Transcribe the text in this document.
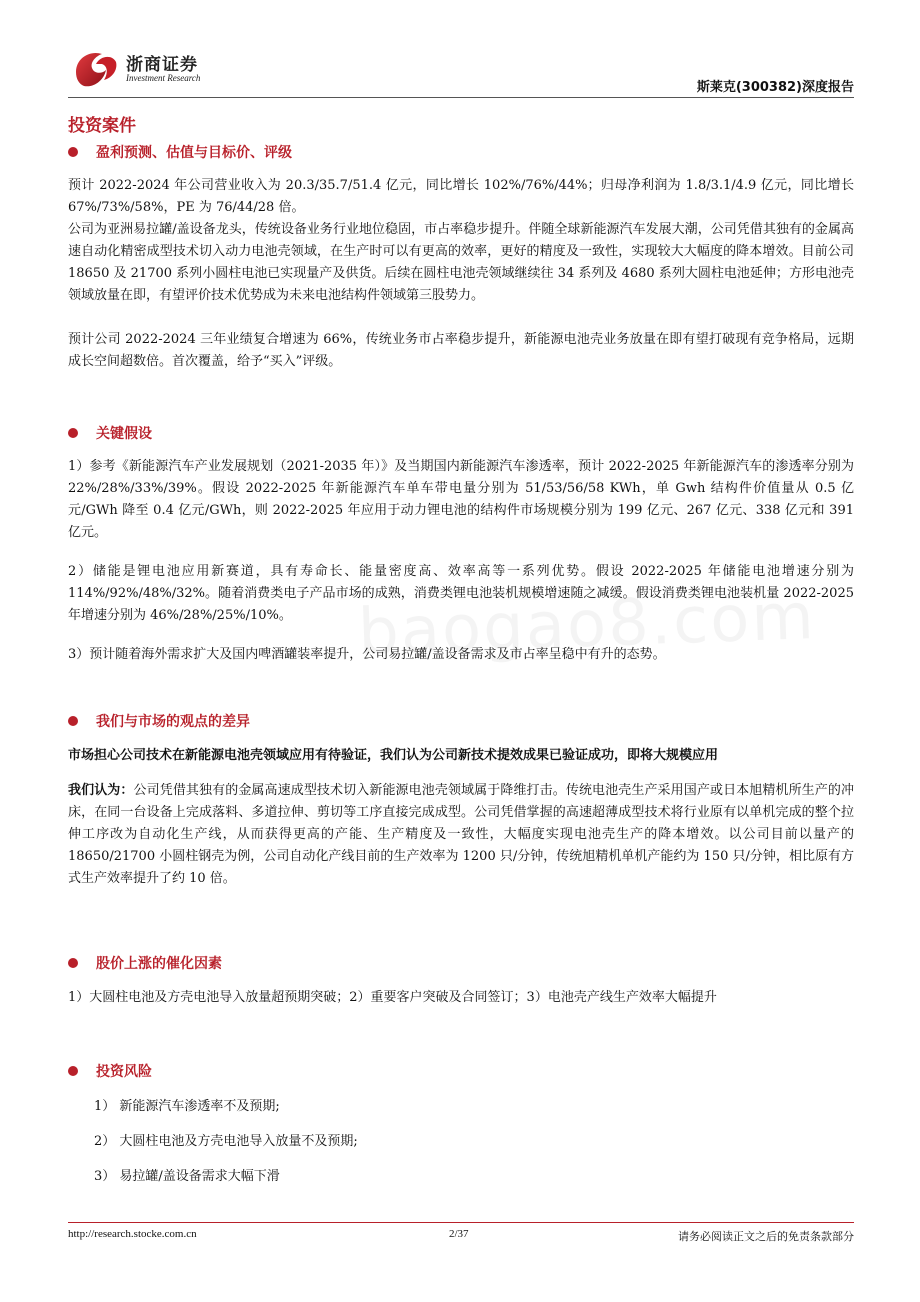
浙商证券
Investment Research
斯莱克(300382)深度报告
投资案件
盈利预测、估值与目标价、评级
预计 2022-2024 年公司营业收入为 20.3/35.7/51.4 亿元，同比增长 102%/76%/44%；归母净利润为 1.8/3.1/4.9 亿元，同比增长 67%/73%/58%，PE 为 76/44/28 倍。
公司为亚洲易拉罐/盖设备龙头，传统设备业务行业地位稳固，市占率稳步提升。伴随全球新能源汽车发展大潮，公司凭借其独有的金属高速自动化精密成型技术切入动力电池壳领域，在生产时可以有更高的效率，更好的精度及一致性，实现较大大幅度的降本增效。目前公司 18650 及 21700 系列小圆柱电池已实现量产及供货。后续在圆柱电池壳领域继续往 34 系列及 4680 系列大圆柱电池延伸；方形电池壳领域放量在即，有望评价技术优势成为未来电池结构件领域第三股势力。
预计公司 2022-2024 三年业绩复合增速为 66%，传统业务市占率稳步提升，新能源电池壳业务放量在即有望打破现有竞争格局，远期成长空间超数倍。首次覆盖，给予“买入”评级。
关键假设
1）参考《新能源汽车产业发展规划（2021-2035 年）》及当期国内新能源汽车渗透率，预计 2022-2025 年新能源汽车的渗透率分别为 22%/28%/33%/39%。假设 2022-2025 年新能源汽车单车带电量分别为 51/53/56/58 KWh，单 Gwh 结构件价值量从 0.5 亿元/GWh 降至 0.4 亿元/GWh，则 2022-2025 年应用于动力锂电池的结构件市场规模分别为 199 亿元、267 亿元、338 亿元和 391 亿元。
2）储能是锂电池应用新赛道，具有寿命长、能量密度高、效率高等一系列优势。假设 2022-2025 年储能电池增速分别为 114%/92%/48%/32%。随着消费类电子产品市场的成熟，消费类锂电池装机规模增速随之减缓。假设消费类锂电池装机量 2022-2025 年增速分别为 46%/28%/25%/10%。
3）预计随着海外需求扩大及国内啤酒罐装率提升，公司易拉罐/盖设备需求及市占率呈稳中有升的态势。
我们与市场的观点的差异
市场担心公司技术在新能源电池壳领域应用有待验证，我们认为公司新技术提效成果已验证成功，即将大规模应用
我们认为：公司凭借其独有的金属高速成型技术切入新能源电池壳领域属于降维打击。传统电池壳生产采用国产或日本旭精机所生产的冲床，在同一台设备上完成落料、多道拉伸、剪切等工序直接完成成型。公司凭借掌握的高速超薄成型技术将行业原有以单机完成的整个拉伸工序改为自动化生产线，从而获得更高的产能、生产精度及一致性，大幅度实现电池壳生产的降本增效。以公司目前以量产的 18650/21700 小圆柱钢壳为例，公司自动化产线目前的生产效率为 1200 只/分钟，传统旭精机单机产能约为 150 只/分钟，相比原有方式生产效率提升了约 10 倍。
股价上涨的催化因素
1）大圆柱电池及方壳电池导入放量超预期突破；2）重要客户突破及合同签订；3）电池壳产线生产效率大幅提升
投资风险
1） 新能源汽车渗透率不及预期;
2） 大圆柱电池及方壳电池导入放量不及预期;
3） 易拉罐/盖设备需求大幅下滑
http://research.stocke.com.cn	2/37	请务必阅读正文之后的免责条款部分
